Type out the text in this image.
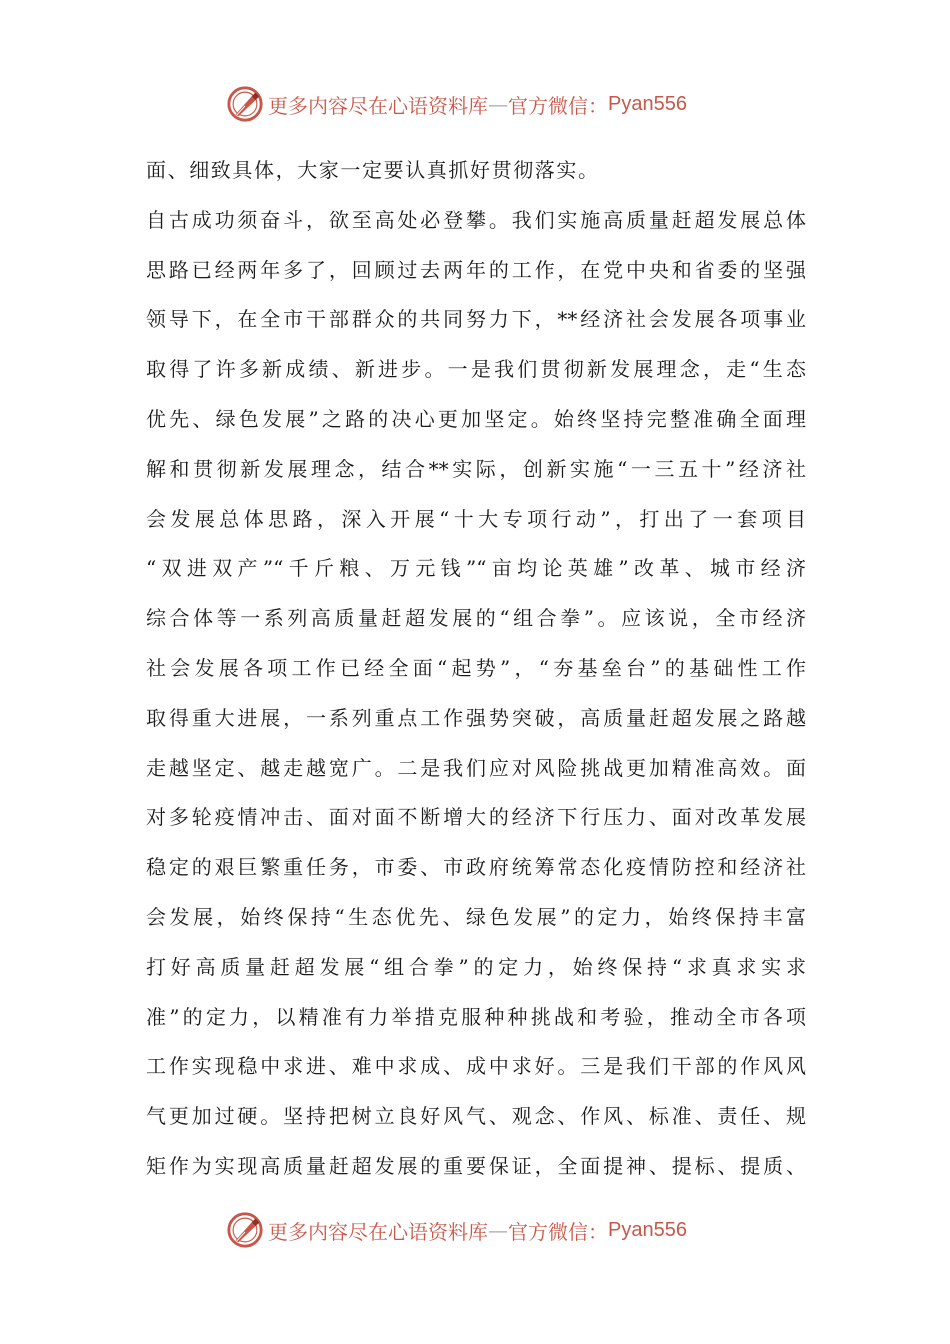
更多内容尽在心语资料库 — 官方微信： Pyan556
面、细致具体，大家一定要认真抓好贯彻落实。
自古成功须奋斗，欲至高处必登攀。我们实施高质量赶超发展总体
思路已经两年多了，回顾过去两年的工作，在党中央和省委的坚强
领导下，在全市干部群众的共同努力下，**经济社会发展各项事业
取得了许多新成绩、新进步。一是我们贯彻新发展理念，走“生态
优先、绿色发展”之路的决心更加坚定。始终坚持完整准确全面理
解和贯彻新发展理念，结合**实际，创新实施“一三五十”经济社
会发展总体思路，深入开展“十大专项行动”，打出了一套项目
“双进双产”“千斤粮、万元钱”“亩均论英雄”改革、城市经济
综合体等一系列高质量赶超发展的“组合拳”。应该说，全市经济
社会发展各项工作已经全面“起势”，“夯基垒台”的基础性工作
取得重大进展，一系列重点工作强势突破，高质量赶超发展之路越
走越坚定、越走越宽广。二是我们应对风险挑战更加精准高效。面
对多轮疫情冲击、面对面不断增大的经济下行压力、面对改革发展
稳定的艰巨繁重任务，市委、市政府统筹常态化疫情防控和经济社
会发展，始终保持“生态优先、绿色发展”的定力，始终保持丰富
打好高质量赶超发展“组合拳”的定力，始终保持“求真求实求
准”的定力，以精准有力举措克服种种挑战和考验，推动全市各项
工作实现稳中求进、难中求成、成中求好。三是我们干部的作风风
气更加过硬。坚持把树立良好风气、观念、作风、标准、责任、规
矩作为实现高质量赶超发展的重要保证，全面提神、提标、提质、
更多内容尽在心语资料库 — 官方微信： Pyan556
